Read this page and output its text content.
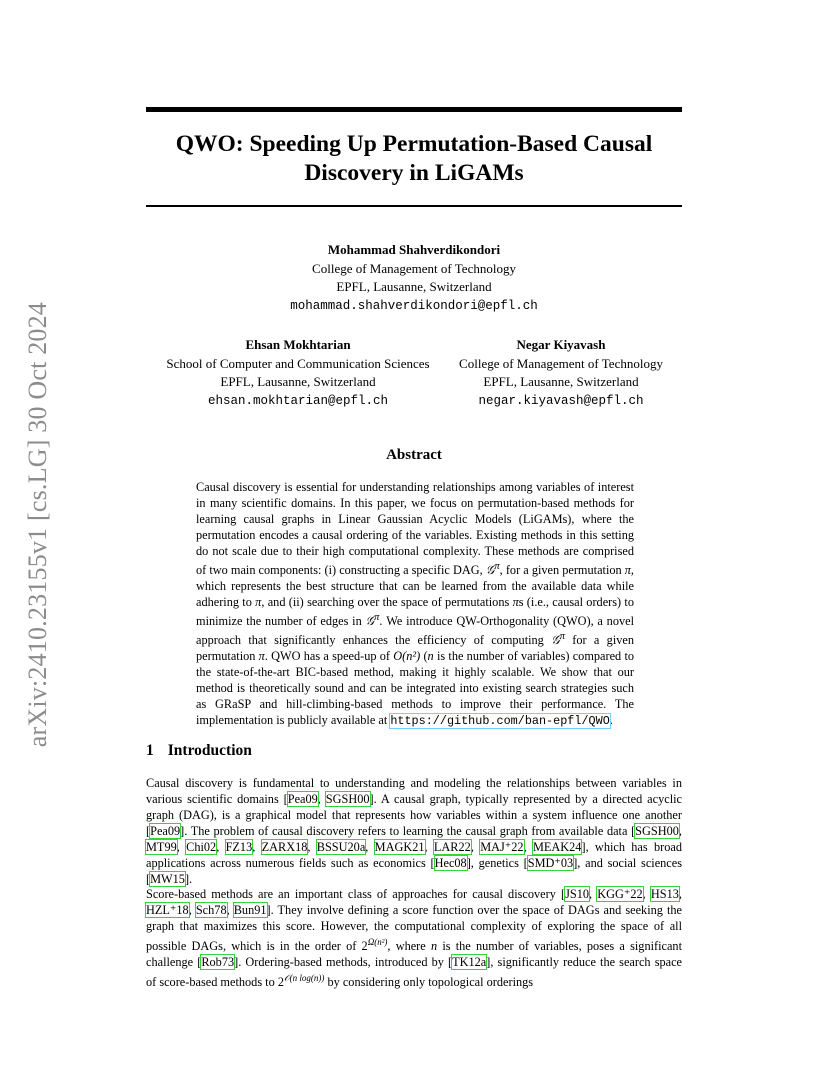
arXiv:2410.23155v1 [cs.LG] 30 Oct 2024
QWO: Speeding Up Permutation-Based Causal
Discovery in LiGAMs
Mohammad Shahverdikondori
College of Management of Technology
EPFL, Lausanne, Switzerland
mohammad.shahverdikondori@epfl.ch
Ehsan Mokhtarian
School of Computer and Communication Sciences
EPFL, Lausanne, Switzerland
ehsan.mokhtarian@epfl.ch
Negar Kiyavash
College of Management of Technology
EPFL, Lausanne, Switzerland
negar.kiyavash@epfl.ch
Abstract
Causal discovery is essential for understanding relationships among variables of interest in many scientific domains. In this paper, we focus on permutation-based methods for learning causal graphs in Linear Gaussian Acyclic Models (LiGAMs), where the permutation encodes a causal ordering of the variables. Existing methods in this setting do not scale due to their high computational complexity. These methods are comprised of two main components: (i) constructing a specific DAG, 𝒢$^\pi$, for a given permutation π, which represents the best structure that can be learned from the available data while adhering to π, and (ii) searching over the space of permutations πs (i.e., causal orders) to minimize the number of edges in 𝒢$^\pi$. We introduce QW-Orthogonality (QWO), a novel approach that significantly enhances the efficiency of computing 𝒢$^\pi$ for a given permutation π. QWO has a speed-up of O(n²) (n is the number of variables) compared to the state-of-the-art BIC-based method, making it highly scalable. We show that our method is theoretically sound and can be integrated into existing search strategies such as GRaSP and hill-climbing-based methods to improve their performance. The implementation is publicly available at https://github.com/ban-epfl/QWO.
1 Introduction
Causal discovery is fundamental to understanding and modeling the relationships between variables in various scientific domains [Pea09, SGSH00]. A causal graph, typically represented by a directed acyclic graph (DAG), is a graphical model that represents how variables within a system influence one another [Pea09]. The problem of causal discovery refers to learning the causal graph from available data [SGSH00, MT99, Chi02, FZ13, ZARX18, BSSU20a, MAGK21, LAR22, MAJ⁺22, MEAK24], which has broad applications across numerous fields such as economics [Hec08], genetics [SMD⁺03], and social sciences [MW15].
Score-based methods are an important class of approaches for causal discovery [JS10, KGG⁺22, HS13, HZL⁺18, Sch78, Bun91]. They involve defining a score function over the space of DAGs and seeking the graph that maximizes this score. However, the computational complexity of exploring the space of all possible DAGs, which is in the order of $2^{\Omega(n^2)}$, where n is the number of variables, poses a significant challenge [Rob73]. Ordering-based methods, introduced by [TK12a], significantly reduce the search space of score-based methods to $2^{𝒪(n log(n))}$ by considering only topological orderings
